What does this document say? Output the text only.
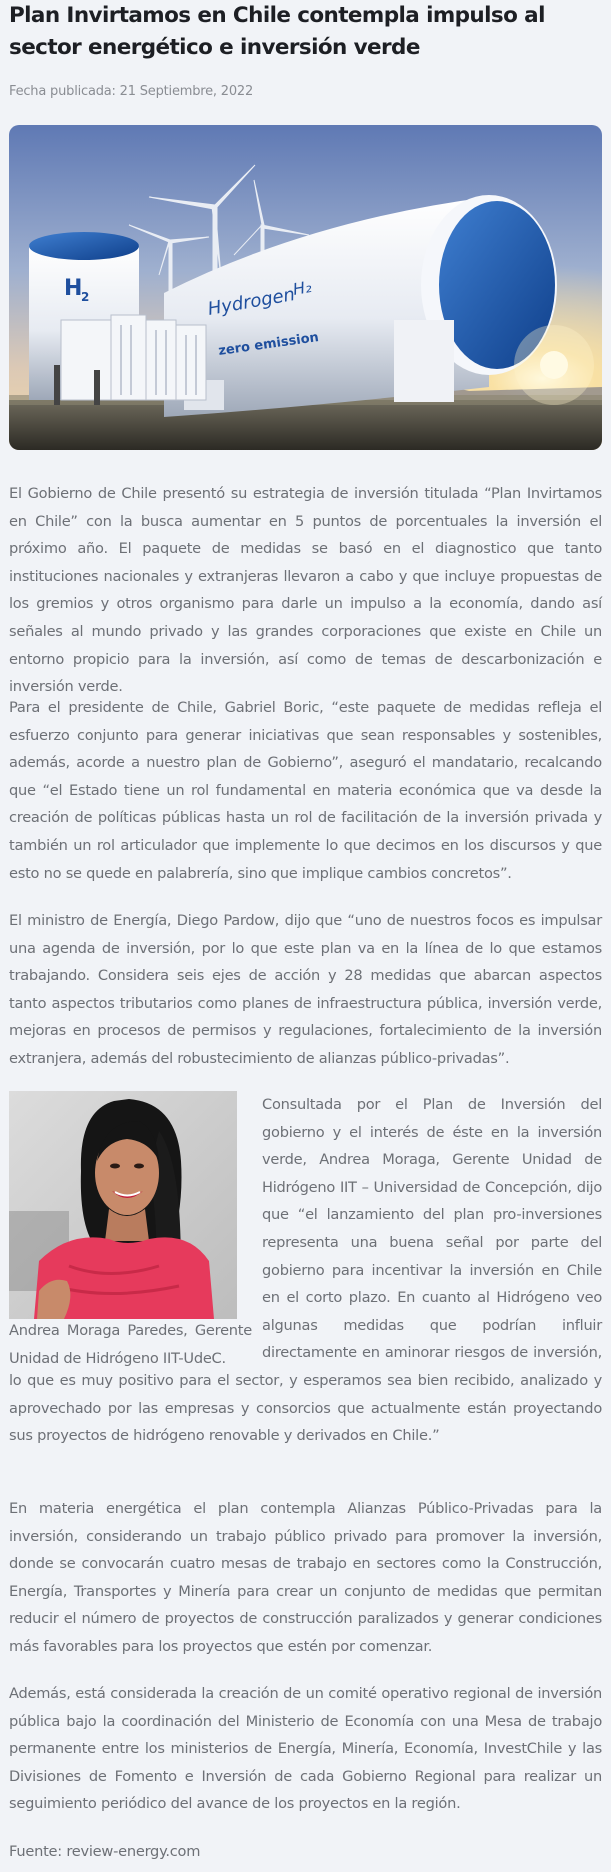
Plan Invirtamos en Chile contempla impulso al sector energético e inversión verde
Fecha publicada: 21 Septiembre, 2022
H
2	Hydrogen
H₂
zero emission

El Gobierno de Chile presentó su estrategia de inversión titulada “Plan Invirtamos en Chile” con la busca aumentar en 5 puntos de porcentuales la inversión el próximo año. El paquete de medidas se basó en el diagnostico que tanto instituciones nacionales y extranjeras llevaron a cabo y que incluye propuestas de los gremios y otros organismo para darle un impulso a la economía, dando así señales al mundo privado y las grandes corporaciones que existe en Chile un entorno propicio para la inversión, así como de temas de descarbonización e inversión verde.

Para el presidente de Chile, Gabriel Boric, “este paquete de medidas refleja el esfuerzo conjunto para generar iniciativas que sean responsables y sostenibles, además, acorde a nuestro plan de Gobierno”, aseguró el mandatario, recalcando que “el Estado tiene un rol fundamental en materia económica que va desde la creación de políticas públicas hasta un rol de facilitación de la inversión privada y también un rol articulador que implemente lo que decimos en los discursos y que esto no se quede en palabrería, sino que implique cambios concretos”.

El ministro de Energía, Diego Pardow, dijo que “uno de nuestros focos es impulsar una agenda de inversión, por lo que este plan va en la línea de lo que estamos trabajando. Considera seis ejes de acción y 28 medidas que abarcan aspectos tanto aspectos tributarios como planes de infraestructura pública, inversión verde, mejoras en procesos de permisos y regulaciones, fortalecimiento de la inversión extranjera, además del robustecimiento de alianzas público-privadas”.

Andrea Moraga Paredes, Gerente Unidad de Hidrógeno IIT-UdeC.
Consultada por el Plan de Inversión del gobierno y el interés de éste en la inversión verde, Andrea Moraga, Gerente Unidad de Hidrógeno IIT – Universidad de Concepción, dijo que “el lanzamiento del plan pro-inversiones representa una buena señal por parte del gobierno para incentivar la inversión en Chile en el corto plazo. En cuanto al Hidrógeno veo algunas medidas que podrían influir directamente en aminorar riesgos de inversión, lo que es muy positivo para el sector, y esperamos sea bien recibido, analizado y aprovechado por las empresas y consorcios que actualmente están proyectando sus proyectos de hidrógeno renovable y derivados en Chile.”

En materia energética el plan contempla Alianzas Público-Privadas para la inversión, considerando un trabajo público privado para promover la inversión, donde se convocarán cuatro mesas de trabajo en sectores como la Construcción, Energía, Transportes y Minería para crear un conjunto de medidas que permitan reducir el número de proyectos de construcción paralizados y generar condiciones más favorables para los proyectos que estén por comenzar.

Además, está considerada la creación de un comité operativo regional de inversión pública bajo la coordinación del Ministerio de Economía con una Mesa de trabajo permanente entre los ministerios de Energía, Minería, Economía, InvestChile y las Divisiones de Fomento e Inversión de cada Gobierno Regional para realizar un seguimiento periódico del avance de los proyectos en la región.

Fuente: review-energy.com
